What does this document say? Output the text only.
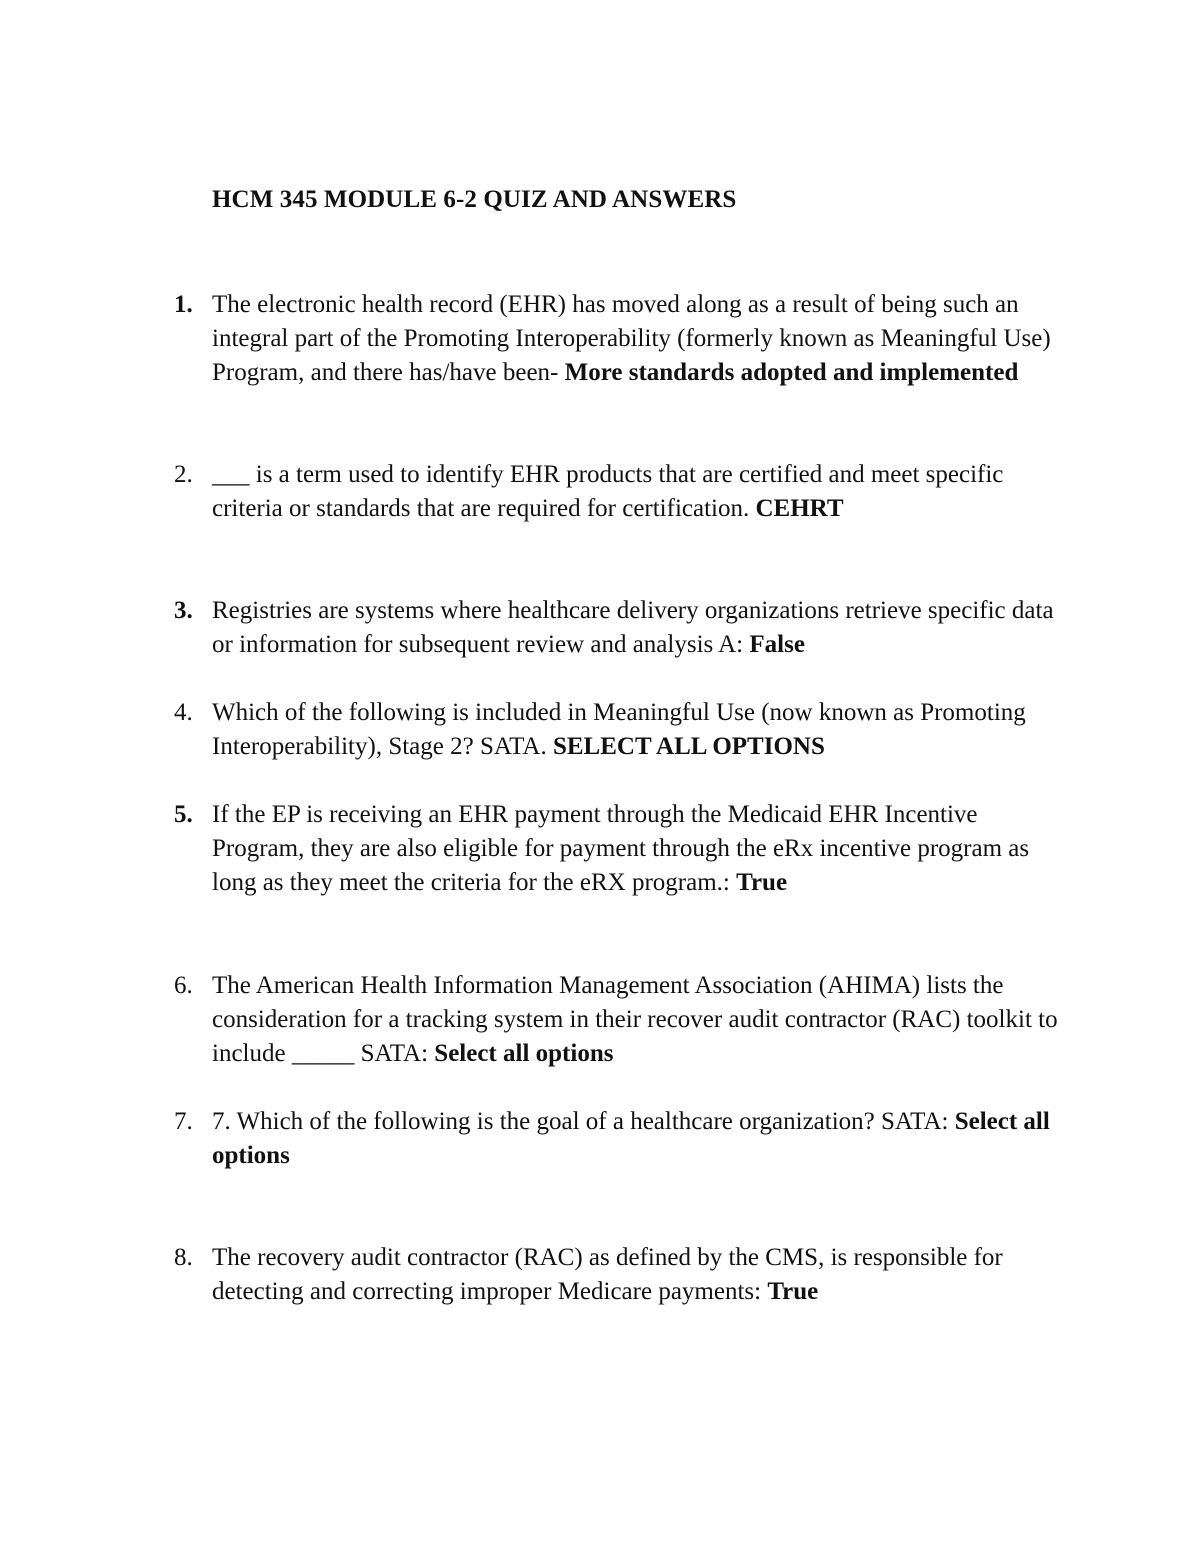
HCM 345 MODULE 6-2 QUIZ AND ANSWERS
1. The electronic health record (EHR) has moved along as a result of being such an integral part of the Promoting Interoperability (formerly known as Meaningful Use) Program, and there has/have been- More standards adopted and implemented
2. ___ is a term used to identify EHR products that are certified and meet specific criteria or standards that are required for certification. CEHRT
3. Registries are systems where healthcare delivery organizations retrieve specific data or information for subsequent review and analysis A: False
4. Which of the following is included in Meaningful Use (now known as Promoting Interoperability), Stage 2? SATA. SELECT ALL OPTIONS
5. If the EP is receiving an EHR payment through the Medicaid EHR Incentive Program, they are also eligible for payment through the eRx incentive program as long as they meet the criteria for the eRX program.: True
6. The American Health Information Management Association (AHIMA) lists the consideration for a tracking system in their recover audit contractor (RAC) toolkit to include _____ SATA: Select all options
7. 7. Which of the following is the goal of a healthcare organization? SATA: Select all options
8. The recovery audit contractor (RAC) as defined by the CMS, is responsible for detecting and correcting improper Medicare payments: True
